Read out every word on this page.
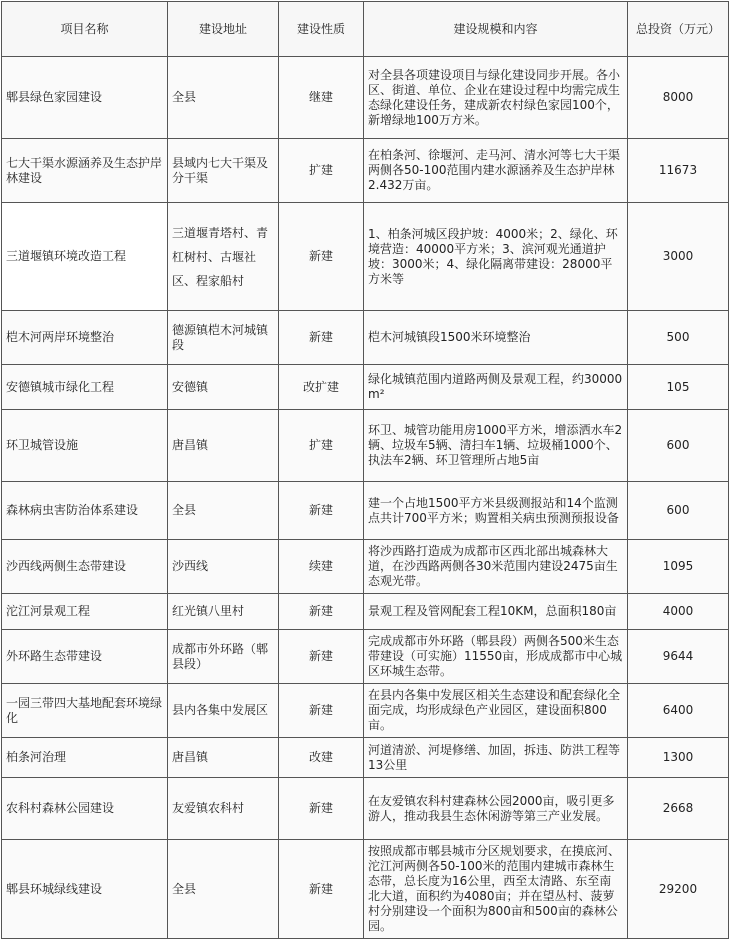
项目名称	建设地址	建设性质	建设规模和内容	总投资（万元）
郫县绿色家园建设	全县	继建	对全县各项建设项目与绿化建设同步开展。各小区、街道、单位、企业在建设过程中均需完成生态绿化建设任务，建成新农村绿色家园100个，新增绿地100万方米。	8000
七大干渠水源涵养及生态护岸林建设	县域内七大干渠及分干渠	扩建	在柏条河、徐堰河、走马河、清水河等七大干渠两侧各50-100范围内建水源涵养及生态护岸林2.432万亩。	11673
三道堰镇环境改造工程	三道堰青塔村、青杠树村、古堰社区、程家船村	新建	1、柏条河城区段护坡：4000米；2、绿化、环境营造：40000平方米；3、滨河观光通道护坡：3000米；4、绿化隔离带建设：28000平方米等	3000
桤木河两岸环境整治	德源镇桤木河城镇段	新建	桤木河城镇段1500米环境整治	500
安德镇城市绿化工程	安德镇	改扩建	绿化城镇范围内道路两侧及景观工程，约30000m²	105
环卫城管设施	唐昌镇	扩建	环卫、城管功能用房1000平方米，增添洒水车2辆、垃圾车5辆、清扫车1辆、垃圾桶1000个、执法车2辆、环卫管理所占地5亩	600
森林病虫害防治体系建设	全县	新建	建一个占地1500平方米县级测报站和14个监测点共计700平方米；购置相关病虫预测预报设备	600
沙西线两侧生态带建设	沙西线	续建	将沙西路打造成为成都市区西北部出城森林大道，在沙西路两侧各30米范围内建设2475亩生态观光带。	1095
沱江河景观工程	红光镇八里村	新建	景观工程及管网配套工程10KM，总面积180亩	4000
外环路生态带建设	成都市外环路（郫县段）	新建	完成成都市外环路（郫县段）两侧各500米生态带建设（可实施）11550亩，形成成都市中心城区环城生态带。	9644
一园三带四大基地配套环境绿化	县内各集中发展区	新建	在县内各集中发展区相关生态建设和配套绿化全面完成，均形成绿色产业园区，建设面积800亩。	6400
柏条河治理	唐昌镇	改建	河道清淤、河堤修缮、加固，拆违、防洪工程等13公里	1300
农科村森林公园建设	友爱镇农科村	新建	在友爱镇农科村建森林公园2000亩，吸引更多游人，推动我县生态休闲游等第三产业发展。	2668
郫县环城绿线建设	全县	新建	按照成都市郫县城市分区规划要求，在摸底河、沱江河两侧各50-100米的范围内建城市森林生态带，总长度为16公里，西至太清路、东至南北大道，面积约为4080亩；并在望丛村、菠萝村分别建设一个面积为800亩和500亩的森林公园。	29200
